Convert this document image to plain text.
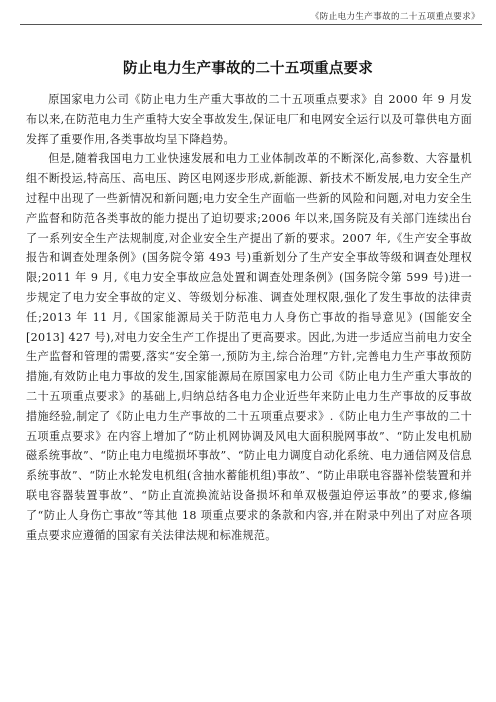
《防止电力生产事故的二十五项重点要求》
防止电力生产事故的二十五项重点要求

原国家电力公司《防止电力生产重大事故的二十五项重点要求》自 2000 年 9 月发布以来,在防范电力生产重特大安全事故发生,保证电厂和电网安全运行以及可靠供电方面发挥了重要作用,各类事故均呈下降趋势。

但是,随着我国电力工业快速发展和电力工业体制改革的不断深化,高参数、大容量机组不断投运,特高压、高电压、跨区电网逐步形成,新能源、新技术不断发展,电力安全生产过程中出现了一些新情况和新问题;电力安全生产面临一些新的风险和问题,对电力安全生产监督和防范各类事故的能力提出了迫切要求;2006 年以来,国务院及有关部门连续出台了一系列安全生产法规制度,对企业安全生产提出了新的要求。2007 年,《生产安全事故报告和调查处理条例》(国务院令第 493 号)重新划分了生产安全事故等级和调查处理权限;2011 年 9 月,《电力安全事故应急处置和调查处理条例》(国务院令第 599 号)进一步规定了电力安全事故的定义、等级划分标准、调查处理权限,强化了发生事故的法律责任;2013 年 11 月,《国家能源局关于防范电力人身伤亡事故的指导意见》(国能安全[2013] 427 号),对电力安全生产工作提出了更高要求。因此,为进一步适应当前电力安全生产监督和管理的需要,落实“安全第一,预防为主,综合治理”方针,完善电力生产事故预防措施,有效防止电力事故的发生,国家能源局在原国家电力公司《防止电力生产重大事故的二十五项重点要求》的基础上,归纳总结各电力企业近些年来防止电力生产事故的反事故措施经验,制定了《防止电力生产事故的二十五项重点要求》.《防止电力生产事故的二十五项重点要求》在内容上增加了“防止机网协调及风电大面积脱网事故”、“防止发电机励磁系统事故”、“防止电力电缆损坏事故”、“防止电力调度自动化系统、电力通信网及信息系统事故”、“防止水轮发电机组(含抽水蓄能机组)事故”、“防止串联电容器补偿装置和并联电容器装置事故”、“防止直流换流站设备损坏和单双极强迫停运事故”的要求,修编了“防止人身伤亡事故”等其他 18 项重点要求的条款和内容,并在附录中列出了对应各项重点要求应遵循的国家有关法律法规和标准规范。
